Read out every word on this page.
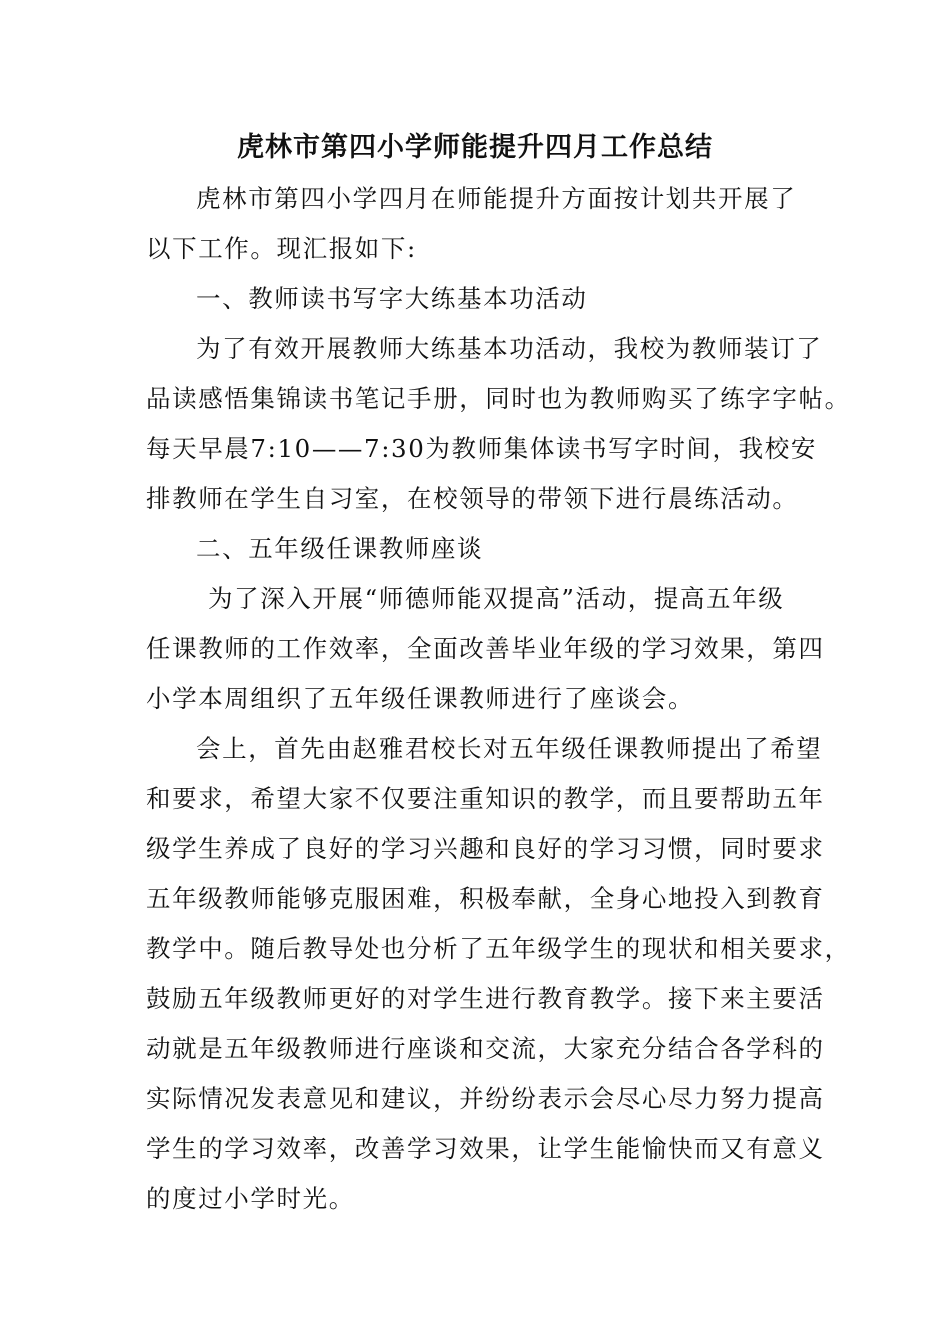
虎林市第四小学师能提升四月工作总结
虎林市第四小学四月在师能提升方面按计划共开展了
以下工作。现汇报如下:
一、教师读书写字大练基本功活动
为了有效开展教师大练基本功活动，我校为教师装订了
品读感悟集锦读书笔记手册，同时也为教师购买了练字字帖。
每天早晨7:10——7:30为教师集体读书写字时间，我校安
排教师在学生自习室，在校领导的带领下进行晨练活动。
二、五年级任课教师座谈
为了深入开展“师德师能双提高”活动，提高五年级
任课教师的工作效率，全面改善毕业年级的学习效果，第四
小学本周组织了五年级任课教师进行了座谈会。
会上，首先由赵雅君校长对五年级任课教师提出了希望
和要求，希望大家不仅要注重知识的教学，而且要帮助五年
级学生养成了良好的学习兴趣和良好的学习习惯，同时要求
五年级教师能够克服困难，积极奉献，全身心地投入到教育
教学中。随后教导处也分析了五年级学生的现状和相关要求，
鼓励五年级教师更好的对学生进行教育教学。接下来主要活
动就是五年级教师进行座谈和交流，大家充分结合各学科的
实际情况发表意见和建议，并纷纷表示会尽心尽力努力提高
学生的学习效率，改善学习效果，让学生能愉快而又有意义
的度过小学时光。
